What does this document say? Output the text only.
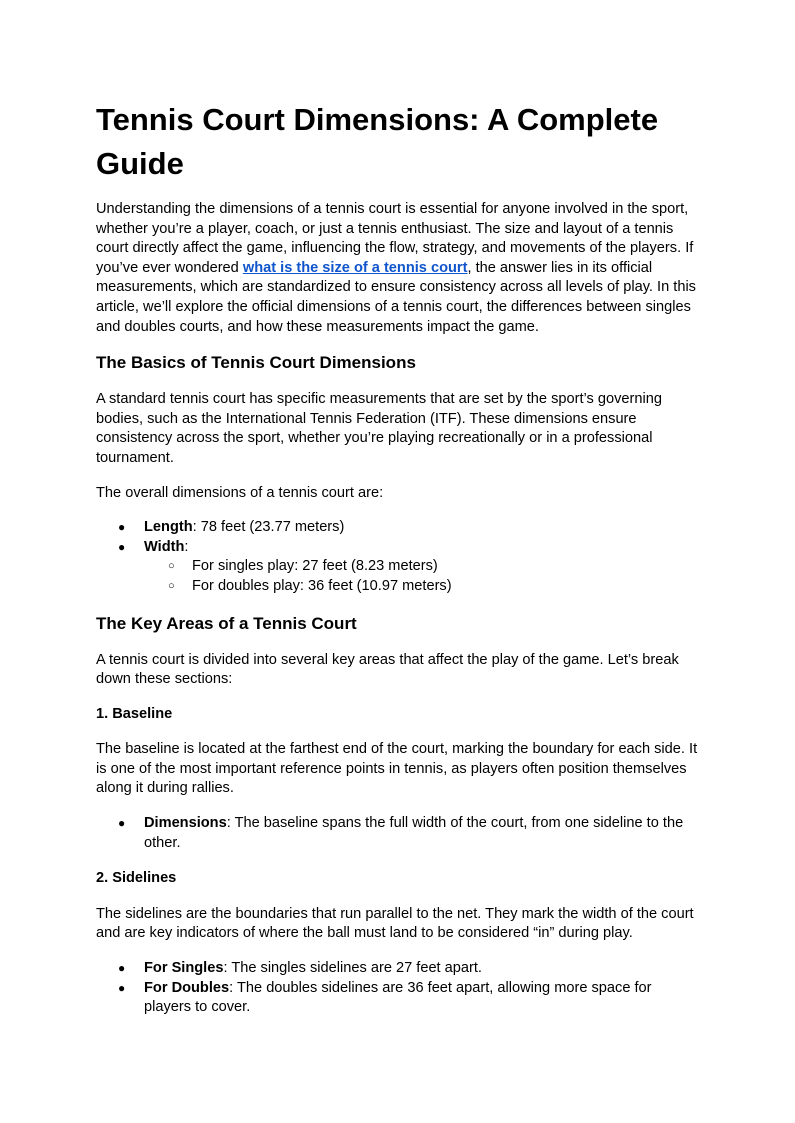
Tennis Court Dimensions: A Complete Guide

Understanding the dimensions of a tennis court is essential for anyone involved in the sport, whether you’re a player, coach, or just a tennis enthusiast. The size and layout of a tennis court directly affect the game, influencing the flow, strategy, and movements of the players. If you’ve ever wondered what is the size of a tennis court, the answer lies in its official measurements, which are standardized to ensure consistency across all levels of play. In this article, we’ll explore the official dimensions of a tennis court, the differences between singles and doubles courts, and how these measurements impact the game.

The Basics of Tennis Court Dimensions

A standard tennis court has specific measurements that are set by the sport’s governing bodies, such as the International Tennis Federation (ITF). These dimensions ensure consistency across the sport, whether you’re playing recreationally or in a professional tournament.

The overall dimensions of a tennis court are:

● Length: 78 feet (23.77 meters)
● Width:
○ For singles play: 27 feet (8.23 meters)
○ For doubles play: 36 feet (10.97 meters)
The Key Areas of a Tennis Court

A tennis court is divided into several key areas that affect the play of the game. Let’s break down these sections:

1. Baseline

The baseline is located at the farthest end of the court, marking the boundary for each side. It is one of the most important reference points in tennis, as players often position themselves along it during rallies.

● Dimensions: The baseline spans the full width of the court, from one sideline to the other.

2. Sidelines

The sidelines are the boundaries that run parallel to the net. They mark the width of the court and are key indicators of where the ball must land to be considered “in” during play.

● For Singles: The singles sidelines are 27 feet apart.
● For Doubles: The doubles sidelines are 36 feet apart, allowing more space for players to cover.
